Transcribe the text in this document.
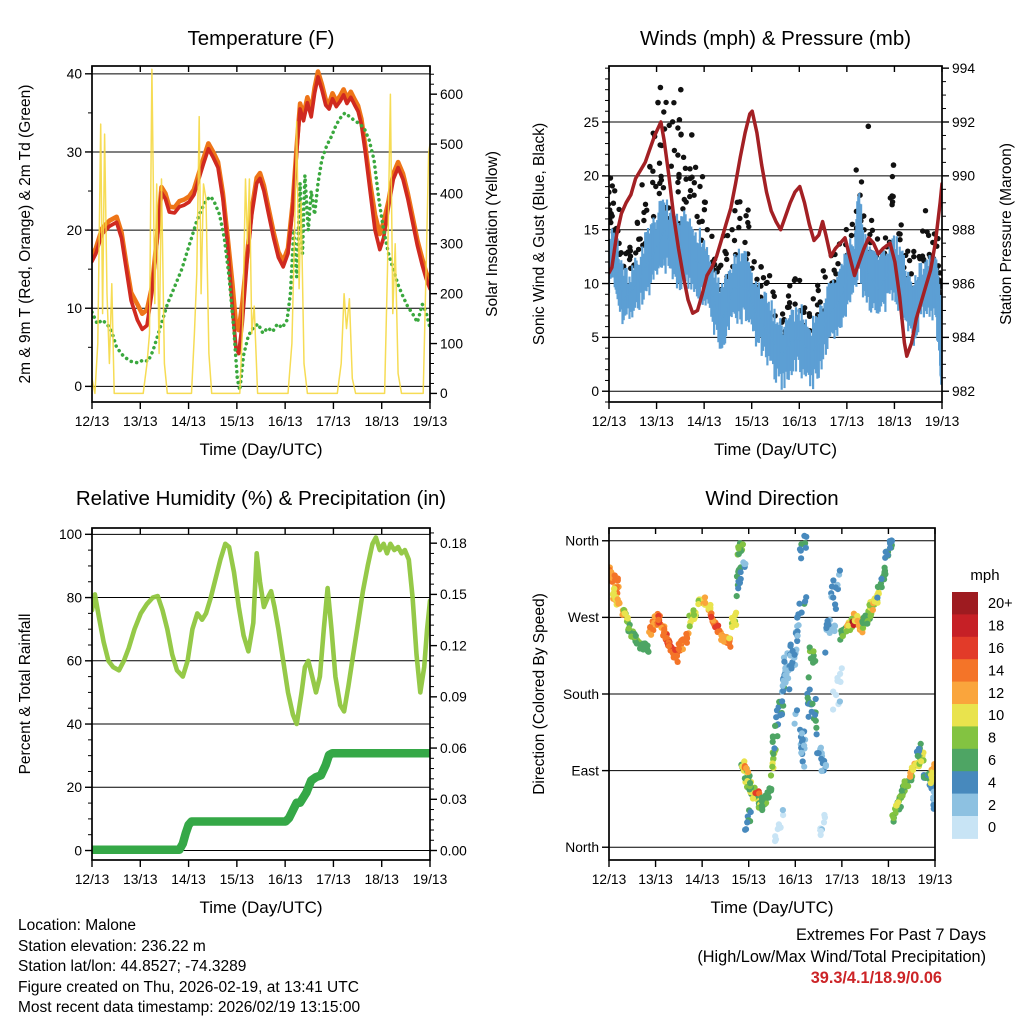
12/13 13/13 14/13 15/13 16/13 17/13 18/13 19/13
0
10
20
30
40
0
100
200
300
400
500
600
Temperature (F)
Time (Day/UTC)
2m & 9m T (Red, Orange) & 2m Td (Green)	Solar Insolation (Yellow)
12/13 13/13 14/13 15/13 16/13 17/13 18/13 19/13
0
5
10
15
20
25
982
984
986
988
990
992
994
Winds (mph) & Pressure (mb)
Time (Day/UTC)
Sonic Wind & Gust (Blue, Black)	Station Pressure (Maroon)
12/13 13/13 14/13 15/13 16/13 17/13 18/13 19/13
0
20
40
60
80
100
0.00
0.03
0.06
0.09
0.12
0.15
0.18
Relative Humidity (%) & Precipitation (in)
Time (Day/UTC)
Percent & Total Rainfall
12/13 13/13 14/13 15/13 16/13 17/13 18/13 19/13
North
West
South
East
North
Wind Direction
Time (Day/UTC)
Direction (Colored By Speed)
mph
20+
18
16
14
12
10
8
6
4
2
0
Location: Malone
Station elevation: 236.22 m
Station lat/lon: 44.8527; -74.3289
Figure created on Thu, 2026-02-19, at 13:41 UTC
Most recent data timestamp: 2026/02/19 13:15:00
Extremes For Past 7 Days
(High/Low/Max Wind/Total Precipitation)
39.3/4.1/18.9/0.06
